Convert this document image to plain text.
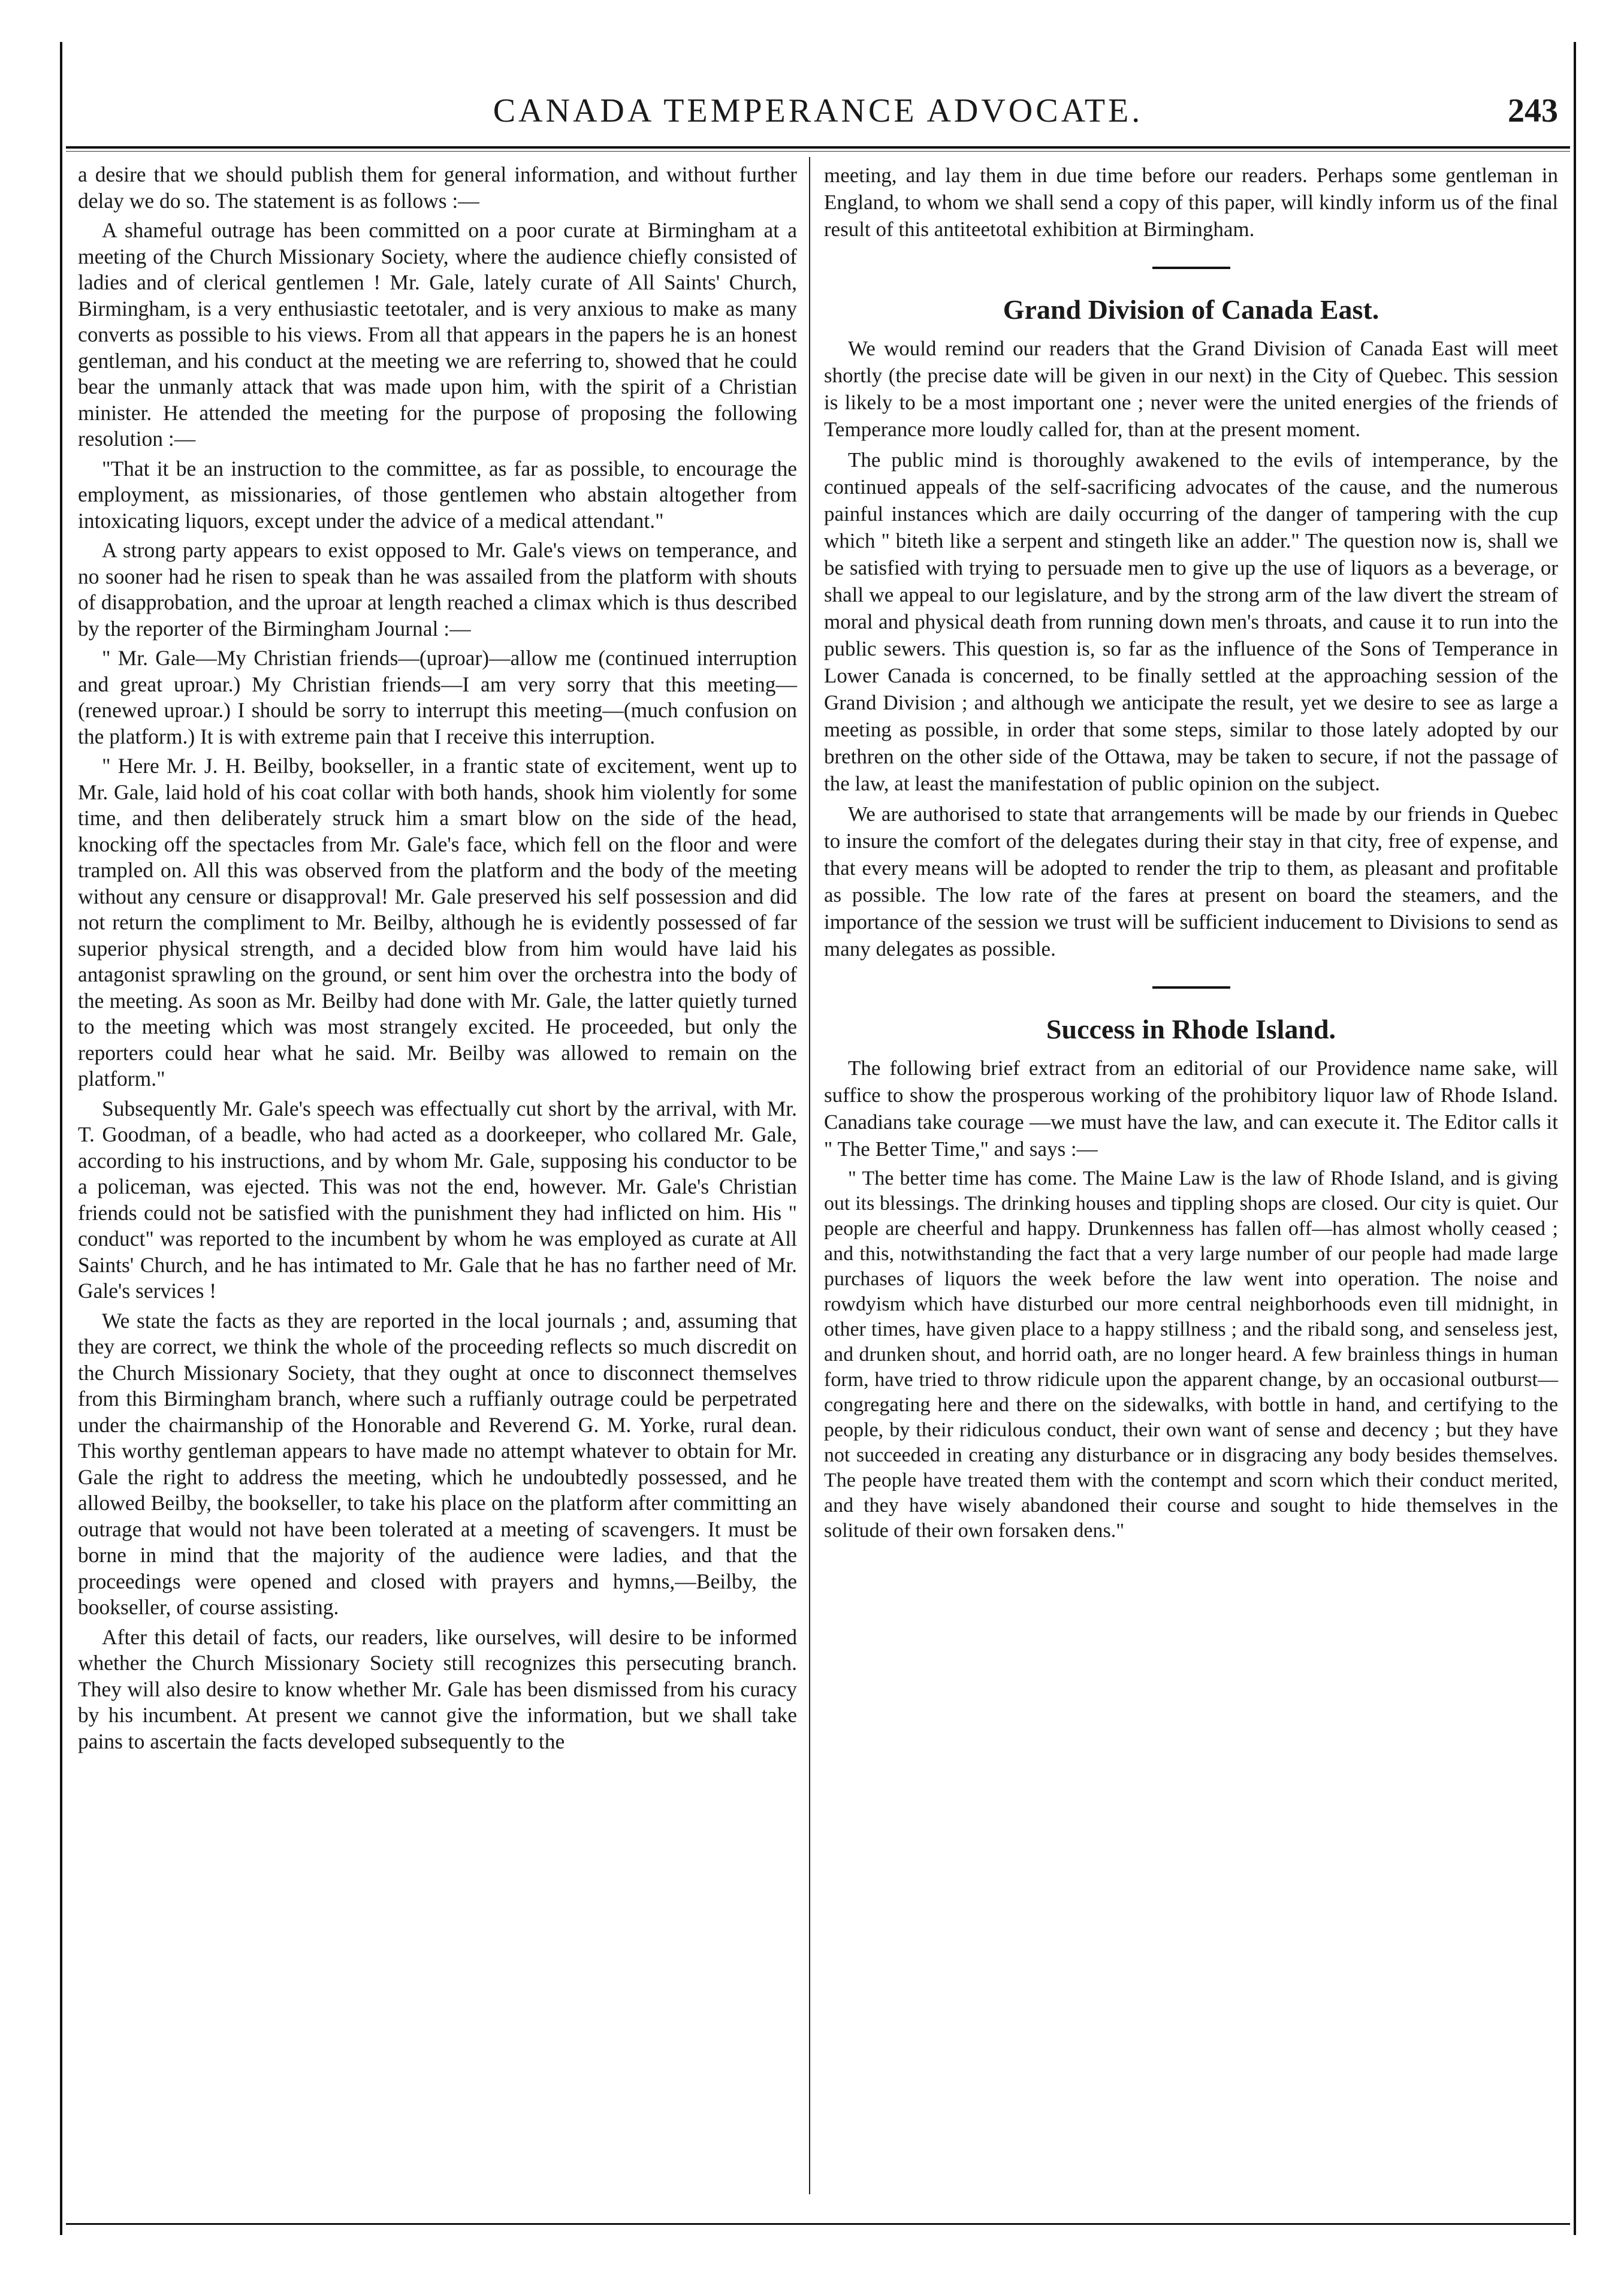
CANADA TEMPERANCE ADVOCATE.	243

a desire that we should publish them for general information, and without further delay we do so. The statement is as follows :—

A shameful outrage has been committed on a poor curate at Birmingham at a meeting of the Church Missionary Society, where the audience chiefly consisted of ladies and of clerical gentlemen ! Mr. Gale, lately curate of All Saints' Church, Birmingham, is a very enthusiastic teetotaler, and is very anxious to make as many converts as possible to his views. From all that appears in the papers he is an honest gentleman, and his conduct at the meeting we are referring to, showed that he could bear the unmanly attack that was made upon him, with the spirit of a Christian minister. He attended the meeting for the purpose of proposing the following resolution :—

"That it be an instruction to the committee, as far as possible, to encourage the employment, as missionaries, of those gentlemen who abstain altogether from intoxicating liquors, except under the advice of a medical attendant."

A strong party appears to exist opposed to Mr. Gale's views on temperance, and no sooner had he risen to speak than he was assailed from the platform with shouts of disapprobation, and the uproar at length reached a climax which is thus described by the reporter of the Birmingham Journal :—

" Mr. Gale—My Christian friends—(uproar)—allow me (continued interruption and great uproar.) My Christian friends—I am very sorry that this meeting—(renewed uproar.) I should be sorry to interrupt this meeting—(much confusion on the platform.) It is with extreme pain that I receive this interruption.

" Here Mr. J. H. Beilby, bookseller, in a frantic state of excitement, went up to Mr. Gale, laid hold of his coat collar with both hands, shook him violently for some time, and then deliberately struck him a smart blow on the side of the head, knocking off the spectacles from Mr. Gale's face, which fell on the floor and were trampled on. All this was observed from the platform and the body of the meeting without any censure or disapproval! Mr. Gale preserved his self possession and did not return the compliment to Mr. Beilby, although he is evidently possessed of far superior physical strength, and a decided blow from him would have laid his antagonist sprawling on the ground, or sent him over the orchestra into the body of the meeting. As soon as Mr. Beilby had done with Mr. Gale, the latter quietly turned to the meeting which was most strangely excited. He proceeded, but only the reporters could hear what he said. Mr. Beilby was allowed to remain on the platform."

Subsequently Mr. Gale's speech was effectually cut short by the arrival, with Mr. T. Goodman, of a beadle, who had acted as a doorkeeper, who collared Mr. Gale, according to his instructions, and by whom Mr. Gale, supposing his conductor to be a policeman, was ejected. This was not the end, however. Mr. Gale's Christian friends could not be satisfied with the punishment they had inflicted on him. His " conduct" was reported to the incumbent by whom he was employed as curate at All Saints' Church, and he has intimated to Mr. Gale that he has no farther need of Mr. Gale's services !

We state the facts as they are reported in the local journals ; and, assuming that they are correct, we think the whole of the proceeding reflects so much discredit on the Church Missionary Society, that they ought at once to disconnect themselves from this Birmingham branch, where such a ruffianly outrage could be perpetrated under the chairmanship of the Honorable and Reverend G. M. Yorke, rural dean. This worthy gentleman appears to have made no attempt whatever to obtain for Mr. Gale the right to address the meeting, which he undoubtedly possessed, and he allowed Beilby, the bookseller, to take his place on the platform after committing an outrage that would not have been tolerated at a meeting of scavengers. It must be borne in mind that the majority of the audience were ladies, and that the proceedings were opened and closed with prayers and hymns,—Beilby, the bookseller, of course assisting.

After this detail of facts, our readers, like ourselves, will desire to be informed whether the Church Missionary Society still recognizes this persecuting branch. They will also desire to know whether Mr. Gale has been dismissed from his curacy by his incumbent. At present we cannot give the information, but we shall take pains to ascertain the facts developed subsequently to the

meeting, and lay them in due time before our readers. Perhaps some gentleman in England, to whom we shall send a copy of this paper, will kindly inform us of the final result of this antiteetotal exhibition at Birmingham.

Grand Division of Canada East.

We would remind our readers that the Grand Division of Canada East will meet shortly (the precise date will be given in our next) in the City of Quebec. This session is likely to be a most important one ; never were the united energies of the friends of Temperance more loudly called for, than at the present moment.

The public mind is thoroughly awakened to the evils of intemperance, by the continued appeals of the self-sacrificing advocates of the cause, and the numerous painful instances which are daily occurring of the danger of tampering with the cup which " biteth like a serpent and stingeth like an adder." The question now is, shall we be satisfied with trying to persuade men to give up the use of liquors as a beverage, or shall we appeal to our legislature, and by the strong arm of the law divert the stream of moral and physical death from running down men's throats, and cause it to run into the public sewers. This question is, so far as the influence of the Sons of Temperance in Lower Canada is concerned, to be finally settled at the approaching session of the Grand Division ; and although we anticipate the result, yet we desire to see as large a meeting as possible, in order that some steps, similar to those lately adopted by our brethren on the other side of the Ottawa, may be taken to secure, if not the passage of the law, at least the manifestation of public opinion on the subject.

We are authorised to state that arrangements will be made by our friends in Quebec to insure the comfort of the delegates during their stay in that city, free of expense, and that every means will be adopted to render the trip to them, as pleasant and profitable as possible. The low rate of the fares at present on board the steamers, and the importance of the session we trust will be sufficient inducement to Divisions to send as many delegates as possible.

Success in Rhode Island.

The following brief extract from an editorial of our Providence name sake, will suffice to show the prosperous working of the prohibitory liquor law of Rhode Island. Canadians take courage —we must have the law, and can execute it. The Editor calls it " The Better Time," and says :—

" The better time has come. The Maine Law is the law of Rhode Island, and is giving out its blessings. The drinking houses and tippling shops are closed. Our city is quiet. Our people are cheerful and happy. Drunkenness has fallen off—has almost wholly ceased ; and this, notwithstanding the fact that a very large number of our people had made large purchases of liquors the week before the law went into operation. The noise and rowdyism which have disturbed our more central neighborhoods even till midnight, in other times, have given place to a happy stillness ; and the ribald song, and senseless jest, and drunken shout, and horrid oath, are no longer heard. A few brainless things in human form, have tried to throw ridicule upon the apparent change, by an occasional outburst—congregating here and there on the sidewalks, with bottle in hand, and certifying to the people, by their ridiculous conduct, their own want of sense and decency ; but they have not succeeded in creating any disturbance or in disgracing any body besides themselves. The people have treated them with the contempt and scorn which their conduct merited, and they have wisely abandoned their course and sought to hide themselves in the solitude of their own forsaken dens."
